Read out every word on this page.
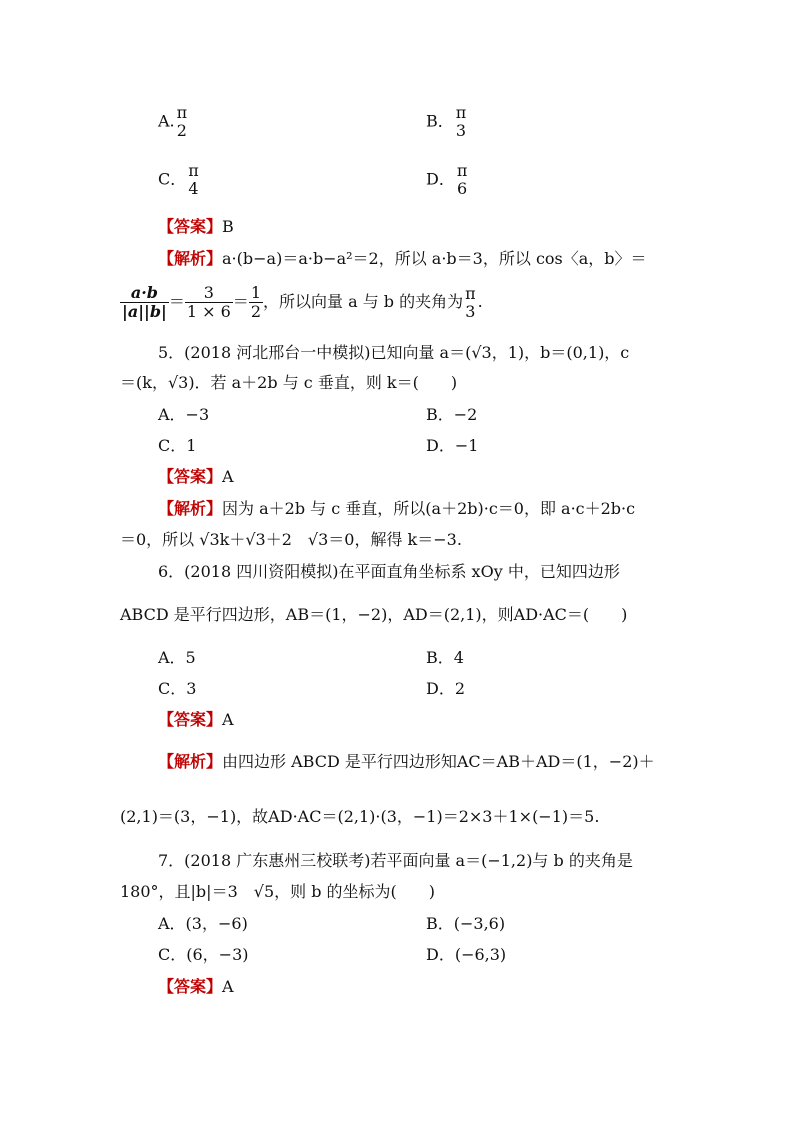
A. π
2	B． π
3
C． π
4	D． π
6
【答案】B
【解析】a·(b−a)＝a·b−a²＝2，所以 a·b＝3，所以 cos〈a，b〉＝
$\frac{a\cdot b}{|a||b|} = \frac{3}{1 \times 6} = \frac{1}{2}$ ，所以向量 a 与 b 的夹角为 π
3 .
5．(2018 河北邢台一中模拟)已知向量 a＝(√3，1)，b＝(0,1)，c
＝(k，√3)．若 a＋2b 与 c 垂直，则 k＝(　　)
A．−3	B．−2
C．1	D．−1
【答案】A
【解析】因为 a＋2b 与 c 垂直，所以(a＋2b)·c＝0，即 a·c＋2b·c
＝0，所以 √3k＋√3＋2　√3＝0，解得 k＝−3.
6．(2018 四川资阳模拟)在平面直角坐标系 xOy 中，已知四边形
ABCD 是平行四边形，AB＝(1，−2)，AD＝(2,1)，则AD·AC＝(　　)
A．5	B．4
C．3	D．2
【答案】A
【解析】由四边形 ABCD 是平行四边形知AC＝AB＋AD＝(1，−2)＋
(2,1)＝(3，−1)，故AD·AC＝(2,1)·(3，−1)＝2×3＋1×(−1)＝5.
7．(2018 广东惠州三校联考)若平面向量 a＝(−1,2)与 b 的夹角是
180°，且|b|＝3　√5，则 b 的坐标为(　　)
A．(3，−6)	B．(−3,6)
C．(6，−3)	D．(−6,3)
【答案】A
